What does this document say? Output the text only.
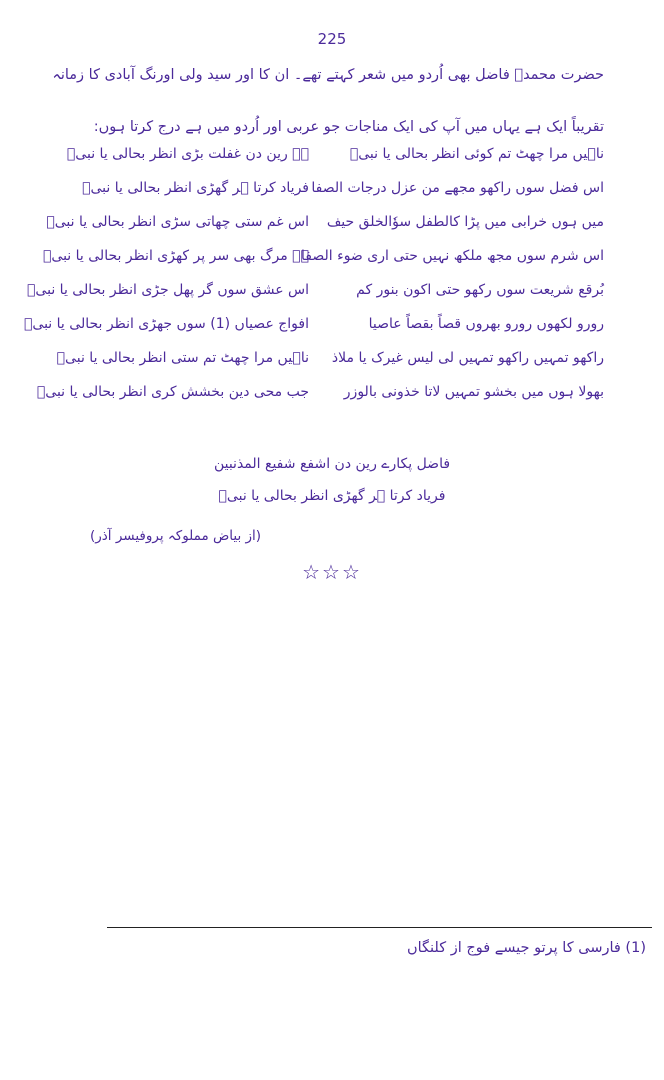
225
حضرت محمدؐ فاضل بھی اُردو میں شعر کہتے تھے۔ ان کا اور سید ولی اورنگ آبادی کا زمانہ
تقریباً ایک ہے یہاں میں آپ کی ایک مناجات جو عربی اور اُردو میں ہے درج کرتا ہوں:
ناہیں مرا چھٹ تم کوئی انظر بحالی یا نبیؐ
ہے رین دن غفلت بڑی انظر بحالی یا نبیؐ
اس فضل سوں راکھو مجھے من عزل درجات الصفا
فریاد کرتا ہر گھڑی انظر بحالی یا نبیؐ
میں ہوں خرابی میں پڑا کالطفل سوٗالخلق حیف
اس غم ستی چھاتی سڑی انظر بحالی یا نبیؐ
اس شرم سوں مجھ ملکھ نہیں حتی اری ضوء الصفا
ہے مرگ بھی سر پر کھڑی انظر بحالی یا نبیؐ
بُرقع شریعت سوں رکھو حتی اکون بنور کم
اس عشق سوں گر پھل جڑی انظر بحالی یا نبیؐ
رورو لکھوں رورو بھروں قصاً بقصاً عاصیا
افواج عصیاں (1) سوں جھڑی انظر بحالی یا نبیؐ
راکھو تمہیں راکھو تمہیں لی لیس غیرک یا ملاذ
ناہیں مرا چھٹ تم ستی انظر بحالی یا نبیؐ
بھولا ہوں میں بخشو تمہیں لاتا خذونی بالوزر
جب محی دین بخشش کری انظر بحالی یا نبیؐ
فاضل پکارے رین دن اشفع شفیع المذنبین
فریاد کرتا ہر گھڑی انظر بحالی یا نبیؐ
(از بیاض مملوکہ پروفیسر آذر)
☆☆☆
(1) فارسی کا پرتو جیسے فوج از کلنگاں
